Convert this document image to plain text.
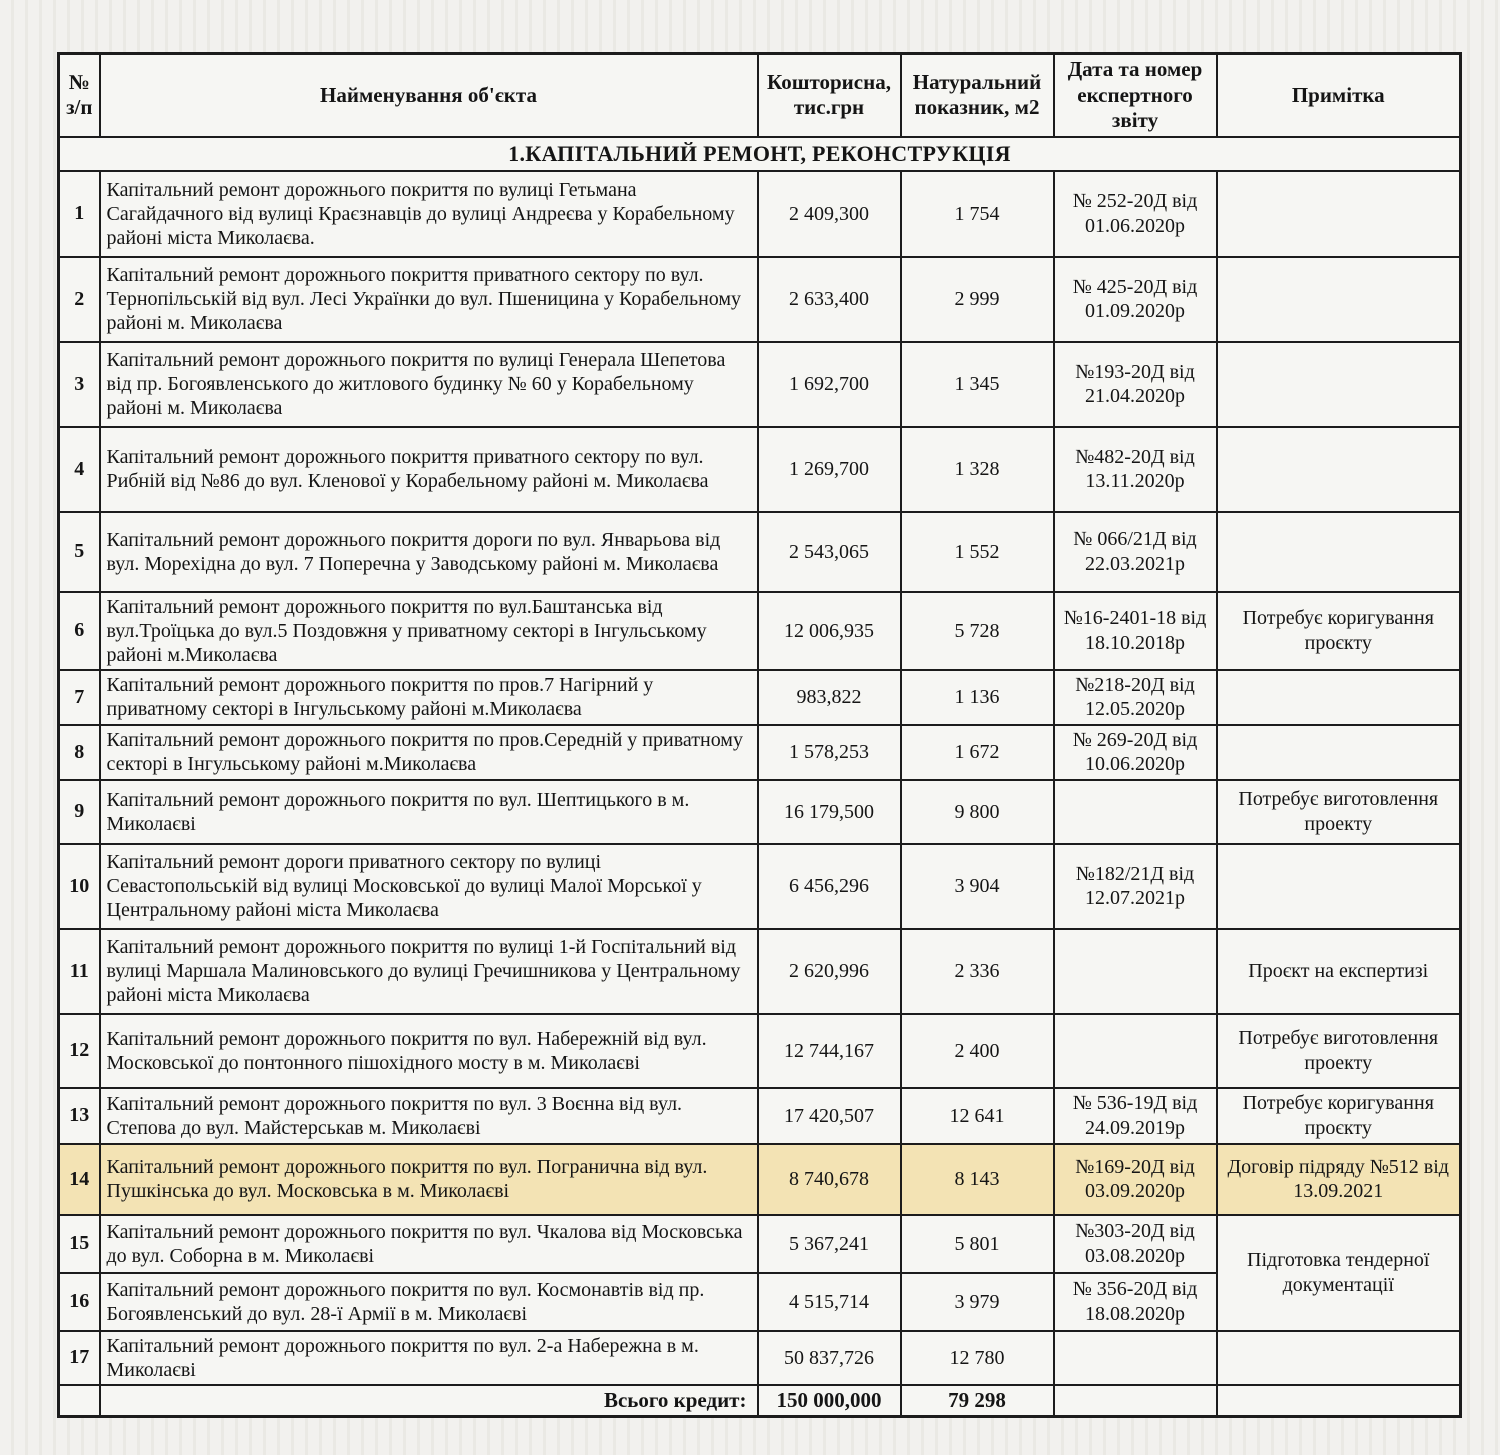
№ з/п	Найменування об'єкта	Кошторисна, тис.грн	Натуральний показник, м2	Дата та номер експертного звіту	Примітка
1.КАПІТАЛЬНИЙ РЕМОНТ, РЕКОНСТРУКЦІЯ					
1	Капітальний ремонт дорожнього покриття по вулиці Гетьмана Сагайдачного від вулиці Краєзнавців до вулиці Андреєва у Корабельному районі міста Миколаєва.	2 409,300	1 754	№ 252-20Д від 01.06.2020р	
2	Капітальний ремонт дорожнього покриття приватного сектору по вул. Тернопільській від вул. Лесі Українки до вул. Пшеницина у Корабельному районі м. Миколаєва	2 633,400	2 999	№ 425-20Д від 01.09.2020р	
3	Капітальний ремонт дорожнього покриття по вулиці Генерала Шепетова від пр. Богоявленського до житлового будинку № 60 у Корабельному районі м. Миколаєва	1 692,700	1 345	№193-20Д від 21.04.2020р	
4	Капітальний ремонт дорожнього покриття приватного сектору по вул. Рибній від №86 до вул. Кленової у Корабельному районі м. Миколаєва	1 269,700	1 328	№482-20Д від 13.11.2020р	
5	Капітальний ремонт дорожнього покриття дороги по вул. Январьова від вул. Морехідна до вул. 7 Поперечна у Заводському районі м. Миколаєва	2 543,065	1 552	№ 066/21Д від 22.03.2021р	
6	Капітальний ремонт дорожнього покриття по вул.Баштанська від вул.Троїцька до вул.5 Поздовжня у приватному секторі в Інгульському районі м.Миколаєва	12 006,935	5 728	№16-2401-18 від 18.10.2018р	Потребує коригування проєкту
7	Капітальний ремонт дорожнього покриття по пров.7 Нагірний у приватному секторі в Інгульському районі м.Миколаєва	983,822	1 136	№218-20Д від 12.05.2020р	
8	Капітальний ремонт дорожнього покриття по пров.Середній у приватному секторі в Інгульському районі м.Миколаєва	1 578,253	1 672	№ 269-20Д від 10.06.2020р	
9	Капітальний ремонт дорожнього покриття по вул. Шептицького в м. Миколаєві	16 179,500	9 800		Потребує виготовлення проекту
10	Капітальний ремонт дороги приватного сектору по вулиці Севастопольській від вулиці Московської до вулиці Малої Морської у Центральному районі міста Миколаєва	6 456,296	3 904	№182/21Д від 12.07.2021р	
11	Капітальний ремонт дорожнього покриття по вулиці 1-й Госпітальний від вулиці Маршала Малиновського до вулиці Гречишникова у Центральному районі міста Миколаєва	2 620,996	2 336		Проєкт на експертизі
12	Капітальний ремонт дорожнього покриття по вул. Набережній від вул. Московської до понтонного пішохідного мосту в м. Миколаєві	12 744,167	2 400		Потребує виготовлення проекту
13	Капітальний ремонт дорожнього покриття по вул. 3 Воєнна від вул. Степова до вул. Майстерськав м. Миколаєві	17 420,507	12 641	№ 536-19Д від 24.09.2019р	Потребує коригування проєкту
14	Капітальний ремонт дорожнього покриття по вул. Погранична від вул. Пушкінська до вул. Московська в м. Миколаєві	8 740,678	8 143	№169-20Д від 03.09.2020р	Договір підряду №512 від 13.09.2021
15	Капітальний ремонт дорожнього покриття по вул. Чкалова від Московська до вул. Соборна в м. Миколаєві	5 367,241	5 801	№303-20Д від 03.08.2020р	Підготовка тендерної документації
16	Капітальний ремонт дорожнього покриття по вул. Космонавтів від пр. Богоявленський до вул. 28-ї Армії в м. Миколаєві	4 515,714	3 979	№ 356-20Д від 18.08.2020р	
17	Капітальний ремонт дорожнього покриття по вул. 2-а Набережна в м. Миколаєві	50 837,726	12 780		
	Всього кредит:	150 000,000	79 298		
